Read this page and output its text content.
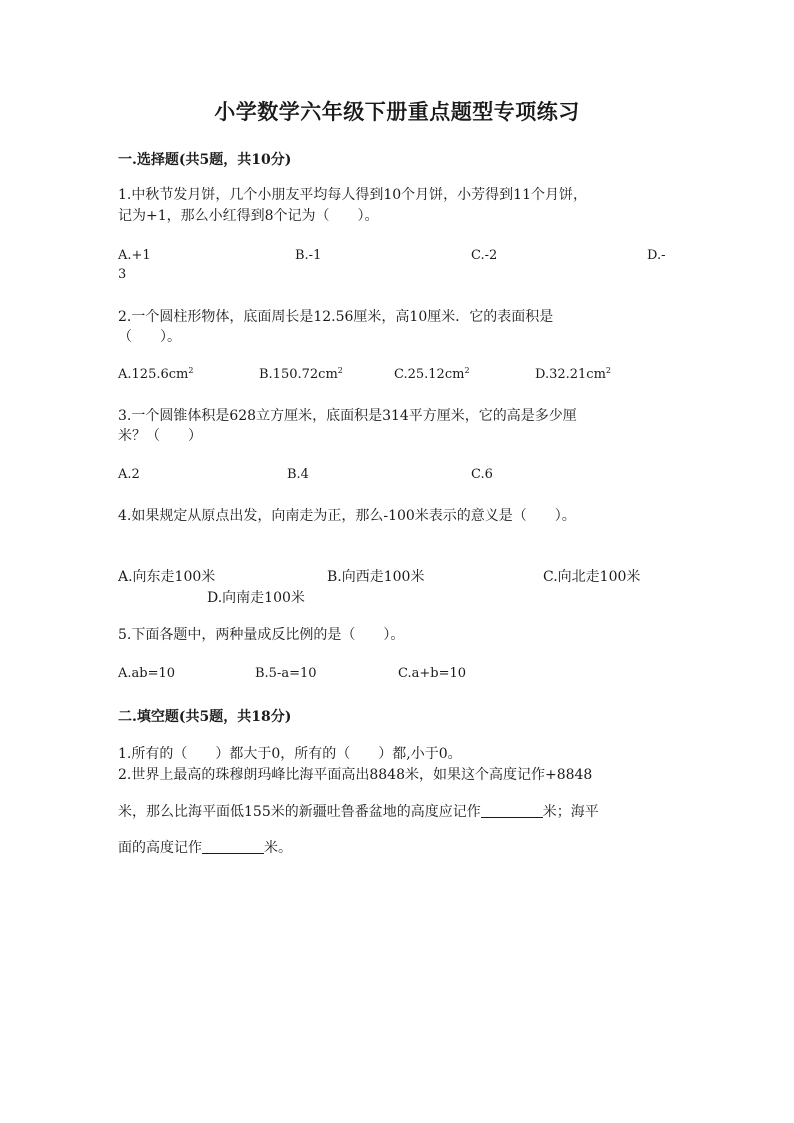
小学数学六年级下册重点题型专项练习
一.选择题(共5题，共10分)
1.中秋节发月饼，几个小朋友平均每人得到10个月饼，小芳得到11个月饼，
记为+1，那么小红得到8个记为（　　）。
A.+1	B.-1	C.-2	D.-
3
2.一个圆柱形物体，底面周长是12.56厘米，高10厘米．它的表面积是
（　　）。
$A.125.6cm^2$	$B.150.72cm^2$	$C.25.12cm^2$	$D.32.21cm^2$
3.一个圆锥体积是628立方厘米，底面积是314平方厘米，它的高是多少厘
米？（　　）
A.2	B.4	C.6
4.如果规定从原点出发，向南走为正，那么-100米表示的意义是（　　）。
A.向东走100米	B.向西走100米	C.向北走100米
D.向南走100米
5.下面各题中，两种量成反比例的是（　　）。
A.ab=10	B.5-a=10	C.a+b=10
二.填空题(共5题，共18分)
1.所有的（　　）都大于0，所有的（　　）都,小于0。
2.世界上最高的珠穆朗玛峰比海平面高出8848米，如果这个高度记作+8848
米，那么比海平面低155米的新疆吐鲁番盆地的高度应记作	米；海平
面的高度记作	米。
